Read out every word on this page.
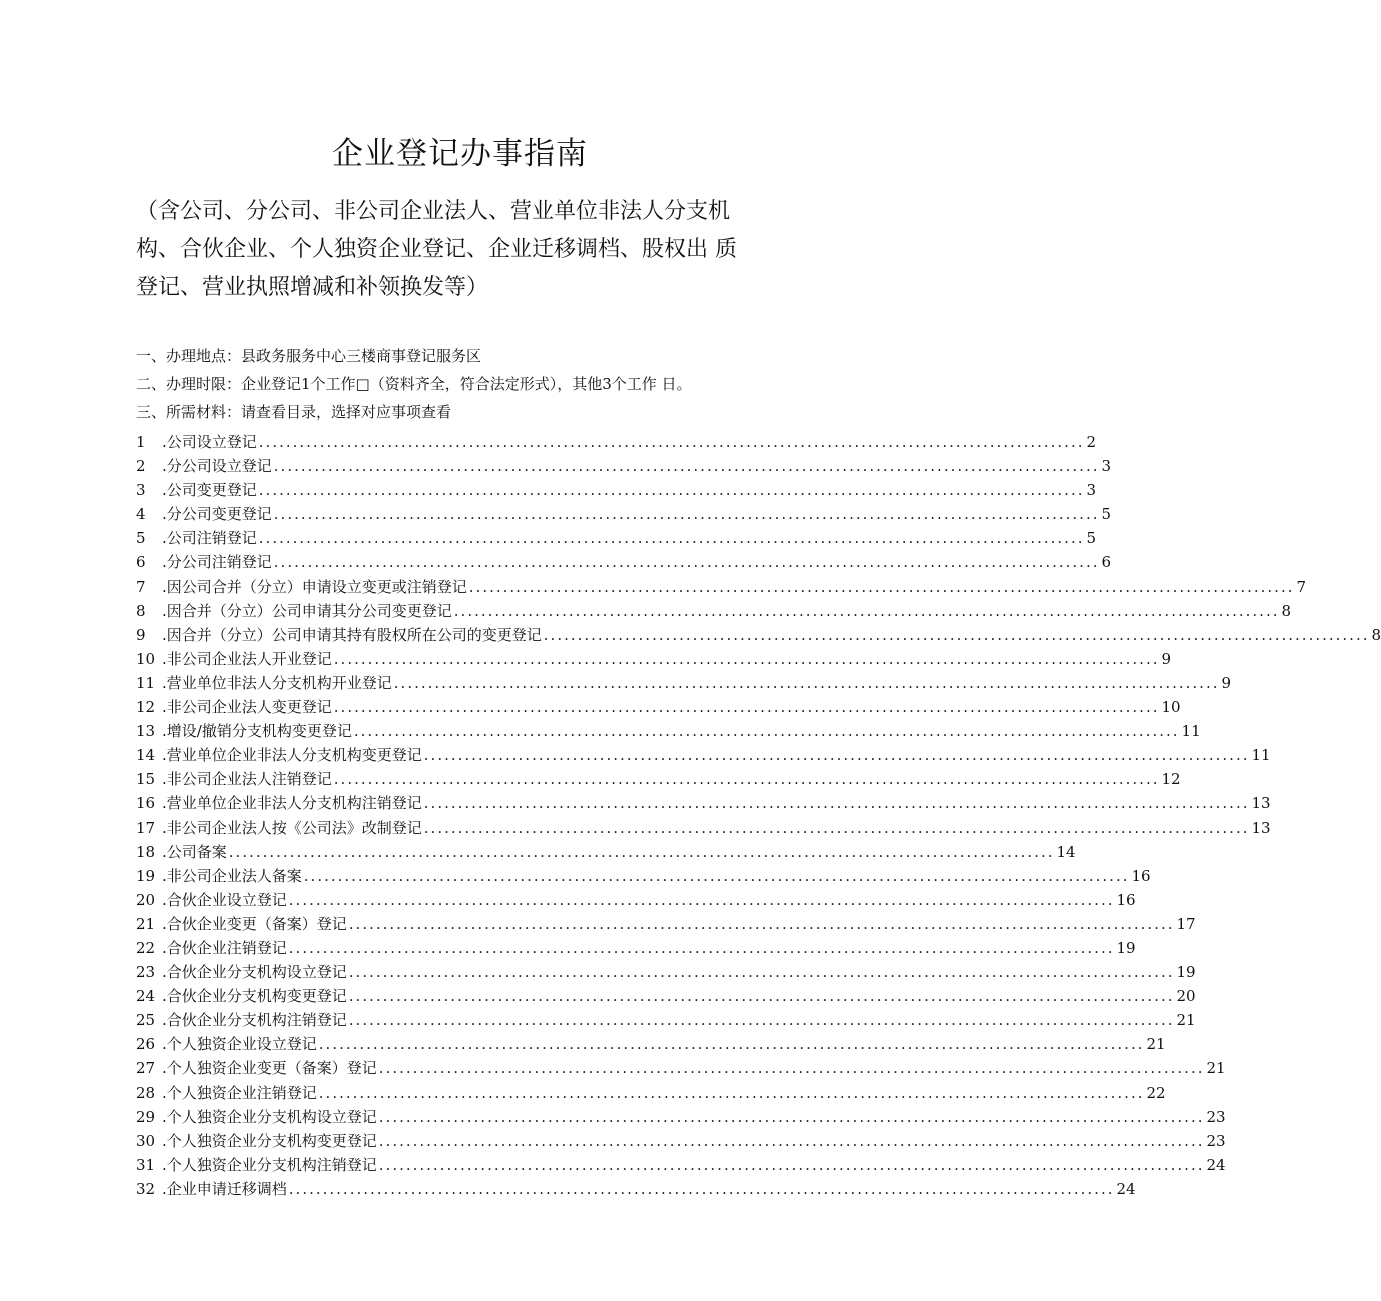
企业登记办事指南
（含公司、分公司、非公司企业法人、营业单位非法人分支机
构、合伙企业、个人独资企业登记、企业迁移调档、股权出 质
登记、营业执照增减和补领换发等）
一、办理地点：县政务服务中心三楼商事登记服务区
二、办理时限：企业登记1个工作□（资料齐全，符合法定形式），其他3个工作 日。
三、所需材料：请查看目录，选择对应事项查看
1	.公司设立登记 .......................................................................................................................... 2
2	.分公司设立登记 .......................................................................................................................... 3
3	.公司变更登记 .......................................................................................................................... 3
4	.分公司变更登记 .......................................................................................................................... 5
5	.公司注销登记 .......................................................................................................................... 5
6	.分公司注销登记 .......................................................................................................................... 6
7	.因公司合并（分立）申请设立变更或注销登记 .......................................................................................................................... 7
8	.因合并（分立）公司申请其分公司变更登记 .......................................................................................................................... 8
9	.因合并（分立）公司申请其持有股权所在公司的变更登记 .......................................................................................................................... 8
10 .非公司企业法人开业登记 .......................................................................................................................... 9
11 .营业单位非法人分支机构开业登记 .......................................................................................................................... 9
12 .非公司企业法人变更登记 .......................................................................................................................... 10
13 .增设/撤销分支机构变更登记 .......................................................................................................................... 11
14 .营业单位企业非法人分支机构变更登记 .......................................................................................................................... 11
15 .非公司企业法人注销登记 .......................................................................................................................... 12
16 .营业单位企业非法人分支机构注销登记 .......................................................................................................................... 13
17 .非公司企业法人按《公司法》改制登记 .......................................................................................................................... 13
18 .公司备案 .......................................................................................................................... 14
19 .非公司企业法人备案 .......................................................................................................................... 16
20 .合伙企业设立登记 .......................................................................................................................... 16
21 .合伙企业变更（备案）登记 .......................................................................................................................... 17
22 .合伙企业注销登记 .......................................................................................................................... 19
23 .合伙企业分支机构设立登记 .......................................................................................................................... 19
24 .合伙企业分支机构变更登记 .......................................................................................................................... 20
25 .合伙企业分支机构注销登记 .......................................................................................................................... 21
26 .个人独资企业设立登记 .......................................................................................................................... 21
27 .个人独资企业变更（备案）登记 .......................................................................................................................... 21
28 .个人独资企业注销登记 .......................................................................................................................... 22
29 .个人独资企业分支机构设立登记 .......................................................................................................................... 23
30 .个人独资企业分支机构变更登记 .......................................................................................................................... 23
31 .个人独资企业分支机构注销登记 .......................................................................................................................... 24
32 .企业申请迁移调档 .......................................................................................................................... 24
